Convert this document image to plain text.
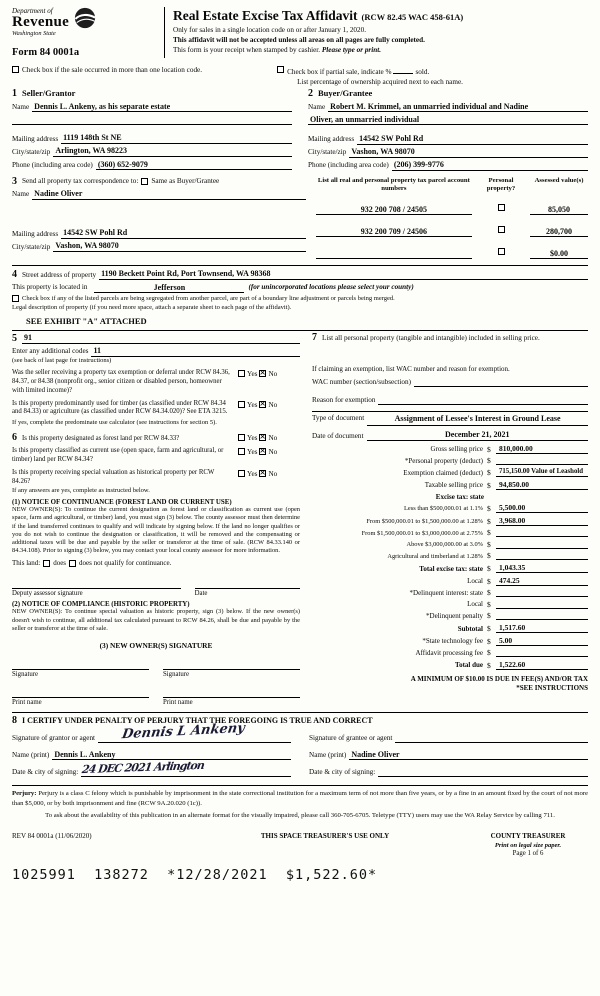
Department of
Revenue
Washington State
Form 84 0001a
Real Estate Excise Tax Affidavit (RCW 82.45 WAC 458-61A)
Only for sales in a single location code on or after January 1, 2020.
This affidavit will not be accepted unless all areas on all pages are fully completed.
This form is your receipt when stamped by cashier. Please type or print.
Check box if the sale occurred in more than one location code.	Check box if partial sale, indicate %	sold.
List percentage of ownership acquired next to each name.
1 Seller/Grantor
Name Dennis L. Ankeny, as his separate estate
Mailing address 1119 148th St NE
City/state/zip Arlington, WA 98223
Phone (including area code) (360) 652-9079
2 Buyer/Grantee
Name Robert M. Krimmel, an unmarried individual and Nadine
Oliver, an unmarried individual
Mailing address 14542 SW Pohl Rd
City/state/zip Vashon, WA 98070
Phone (including area code) (206) 399-9776
3 Send all property tax correspondence to: Same as Buyer/Grantee
Name Nadine Oliver
Mailing address 14542 SW Pohl Rd
City/state/zip Vashon, WA 98070
List all real and personal property tax parcel account numbers
Personal property?
Assessed value(s)
932 200 708 / 24505	85,050
932 200 709 / 24506	280,700
$0.00
4 Street address of property 1190 Beckett Point Rd, Port Townsend, WA 98368
This property is located in	Jefferson	(for unincorporated locations please select your county)
Check box if any of the listed parcels are being segregated from another parcel, are part of a boundary line adjustment or parcels being merged.
Legal description of property (if you need more space, attach a separate sheet to each page of the affidavit).
SEE EXHIBIT "A" ATTACHED
5 91
Enter any additional codes 11
(see back of last page for instructions)
Was the seller receiving a property tax exemption or deferral under RCW 84.36, 84.37, or 84.38 (nonprofit org., senior citizen or disabled person, homeowner with limited income)?
Yes × No
Is this property predominantly used for timber (as classified under RCW 84.34 and 84.33) or agriculture (as classified under RCW 84.34.020)? See ETA 3215.
Yes × No
If yes, complete the predominate use calculator (see instructions for section 5).
6 Is this property designated as forest land per RCW 84.33?	Yes × No
Is this property classified as current use (open space, farm and agricultural, or timber) land per RCW 84.34?
Yes × No
Is this property receiving special valuation as historical property per RCW 84.26?
Yes × No
If any answers are yes, complete as instructed below.
(1) NOTICE OF CONTINUANCE (FOREST LAND OR CURRENT USE)
NEW OWNER(S): To continue the current designation as forest land or classification as current use (open space, farm and agricultural, or timber) land, you must sign (3) below. The county assessor must then determine if the land transferred continues to qualify and will indicate by signing below. If the land no longer qualifies or you do not wish to continue the designation or classification, it will be removed and the compensating or additional taxes will be due and payable by the seller or transferor at the time of sale. (RCW 84.33.140 or 84.34.108). Prior to signing (3) below, you may contact your local county assessor for more information.
This land: does does not qualify for continuance.
Deputy assessor signature	Date
(2) NOTICE OF COMPLIANCE (HISTORIC PROPERTY)
NEW OWNER(S): To continue special valuation as historic property, sign (3) below. If the new owner(s) doesn't wish to continue, all additional tax calculated pursuant to RCW 84.26, shall be due and payable by the seller or transferor at the time of sale.
(3) NEW OWNER(S) SIGNATURE
Signature	Signature
Print name	Print name
7 List all personal property (tangible and intangible) included in selling price.
If claiming an exemption, list WAC number and reason for exemption.
WAC number (section/subsection)
Reason for exemption
Type of document	Assignment of Lessee's Interest in Ground Lease
Date of document	December 21, 2021
Gross selling price $	810,000.00
*Personal property (deduct) $
Exemption claimed (deduct) $	715,150.00 Value of Leashold
Taxable selling price $	94,850.00
Excise tax: state
Less than $500,000.01 at 1.1% $	5,500.00
From $500,000.01 to $1,500,000.00 at 1.28% $	3,968.00
From $1,500,000.01 to $3,000,000.00 at 2.75% $
Above $3,000,000.00 at 3.0% $
Agricultural and timberland at 1.28% $
Total excise tax: state $	1,043.35
Local $	474.25
*Delinquent interest: state $
Local $
*Delinquent penalty $
Subtotal $	1,517.60
*State technology fee $	5.00
Affidavit processing fee $
Total due $	1,522.60
A MINIMUM OF $10.00 IS DUE IN FEE(S) AND/OR TAX
*SEE INSTRUCTIONS
8 I CERTIFY UNDER PENALTY OF PERJURY THAT THE FOREGOING IS TRUE AND CORRECT
Signature of grantor or agent Dennis L Ankeny	Signature of grantee or agent
Name (print) Dennis L. Ankeny	Name (print) Nadine Oliver
Date & city of signing: 24 DEC 2021 Arlington	Date & city of signing:
Perjury: Perjury is a class C felony which is punishable by imprisonment in the state correctional institution for a maximum term of not more than five years, or by a fine in an amount fixed by the court of not more than $5,000, or by both imprisonment and fine (RCW 9A.20.020 (1c)).
To ask about the availability of this publication in an alternate format for the visually impaired, please call 360-705-6705. Teletype (TTY) users may use the WA Relay Service by calling 711.
REV 84 0001a (11/06/2020)	THIS SPACE TREASURER'S USE ONLY	COUNTY TREASURER
Print on legal size paper.
Page 1 of 6
1025991  138272  *12/28/2021  $1,522.60*
